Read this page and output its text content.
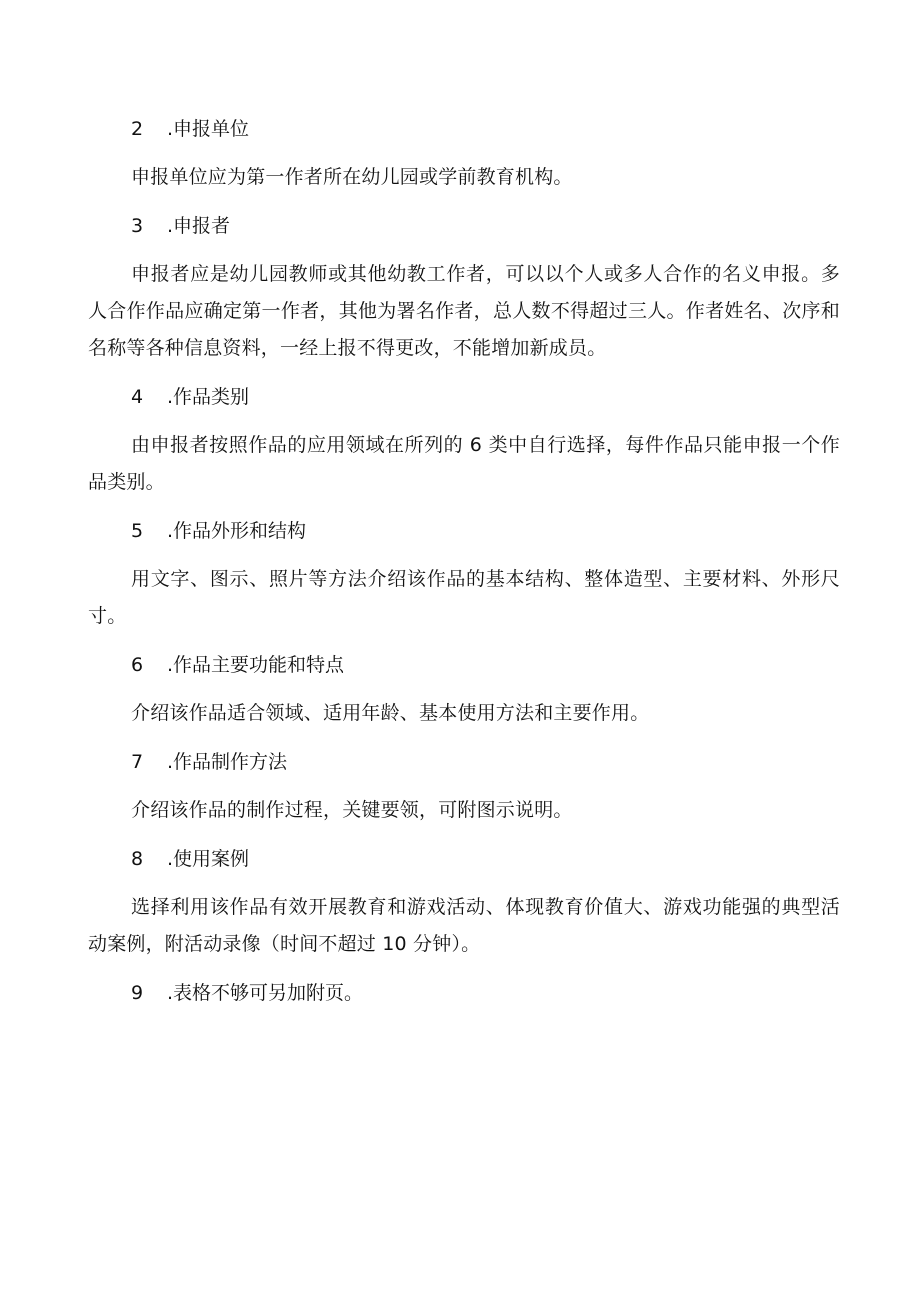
2 .申报单位

申报单位应为第一作者所在幼儿园或学前教育机构。

3 .申报者

申报者应是幼儿园教师或其他幼教工作者，可以以个人或多人合作的名义申报。多人合作作品应确定第一作者，其他为署名作者，总人数不得超过三人。作者姓名、次序和名称等各种信息资料，一经上报不得更改，不能增加新成员。

4 .作品类别

由申报者按照作品的应用领域在所列的 6 类中自行选择，每件作品只能申报一个作品类别。

5 .作品外形和结构

用文字、图示、照片等方法介绍该作品的基本结构、整体造型、主要材料、外形尺寸。

6 .作品主要功能和特点

介绍该作品适合领域、适用年龄、基本使用方法和主要作用。

7 .作品制作方法

介绍该作品的制作过程，关键要领，可附图示说明。

8 .使用案例

选择利用该作品有效开展教育和游戏活动、体现教育价值大、游戏功能强的典型活动案例，附活动录像（时间不超过 10 分钟）。

9 .表格不够可另加附页。
